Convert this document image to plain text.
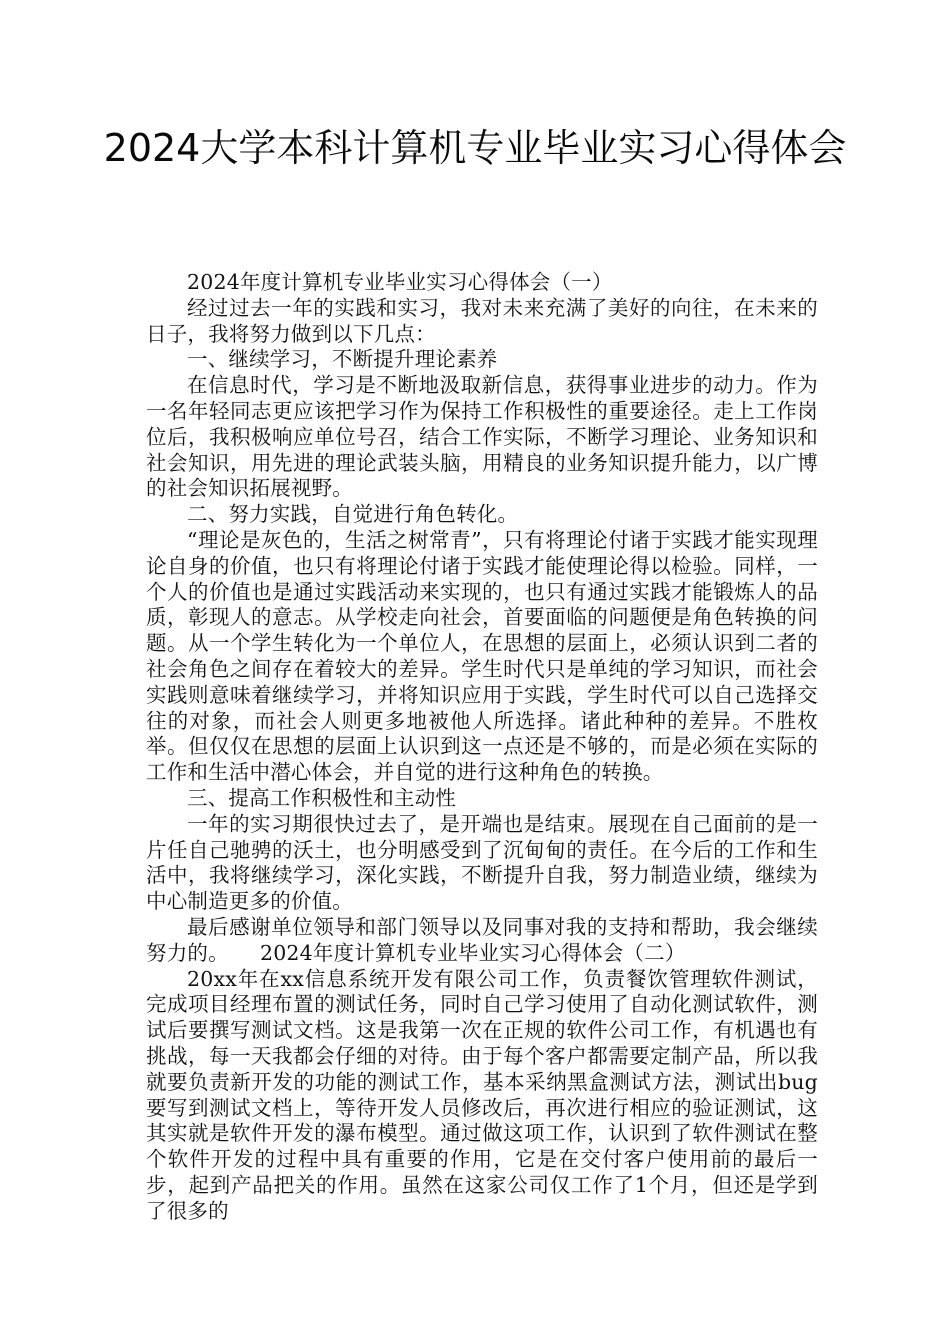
2024大学本科计算机专业毕业实习心得体会

2024年度计算机专业毕业实习心得体会（一）

经过过去一年的实践和实习，我对未来充满了美好的向往，在未来的日子，我将努力做到以下几点：

一、继续学习，不断提升理论素养

在信息时代，学习是不断地汲取新信息，获得事业进步的动力。作为一名年轻同志更应该把学习作为保持工作积极性的重要途径。走上工作岗位后，我积极响应单位号召，结合工作实际，不断学习理论、业务知识和社会知识，用先进的理论武装头脑，用精良的业务知识提升能力，以广博的社会知识拓展视野。

二、努力实践，自觉进行角色转化。

“理论是灰色的，生活之树常青”，只有将理论付诸于实践才能实现理论自身的价值，也只有将理论付诸于实践才能使理论得以检验。同样，一个人的价值也是通过实践活动来实现的，也只有通过实践才能锻炼人的品质，彰现人的意志。从学校走向社会，首要面临的问题便是角色转换的问题。从一个学生转化为一个单位人，在思想的层面上，必须认识到二者的社会角色之间存在着较大的差异。学生时代只是单纯的学习知识，而社会实践则意味着继续学习，并将知识应用于实践，学生时代可以自己选择交往的对象，而社会人则更多地被他人所选择。诸此种种的差异。不胜枚举。但仅仅在思想的层面上认识到这一点还是不够的，而是必须在实际的工作和生活中潜心体会，并自觉的进行这种角色的转换。

三、提高工作积极性和主动性

一年的实习期很快过去了，是开端也是结束。展现在自己面前的是一片任自己驰骋的沃土，也分明感受到了沉甸甸的责任。在今后的工作和生活中，我将继续学习，深化实践，不断提升自我，努力制造业绩，继续为中心制造更多的价值。

最后感谢单位领导和部门领导以及同事对我的支持和帮助，我会继续努力的。　　2024年度计算机专业毕业实习心得体会（二）

20xx年在xx信息系统开发有限公司工作，负责餐饮管理软件测试，完成项目经理布置的测试任务，同时自己学习使用了自动化测试软件，测试后要撰写测试文档。这是我第一次在正规的软件公司工作，有机遇也有挑战，每一天我都会仔细的对待。由于每个客户都需要定制产品，所以我就要负责新开发的功能的测试工作，基本采纳黑盒测试方法，测试出bug要写到测试文档上，等待开发人员修改后，再次进行相应的验证测试，这其实就是软件开发的瀑布模型。通过做这项工作，认识到了软件测试在整个软件开发的过程中具有重要的作用，它是在交付客户使用前的最后一步，起到产品把关的作用。虽然在这家公司仅工作了1个月，但还是学到了很多的
